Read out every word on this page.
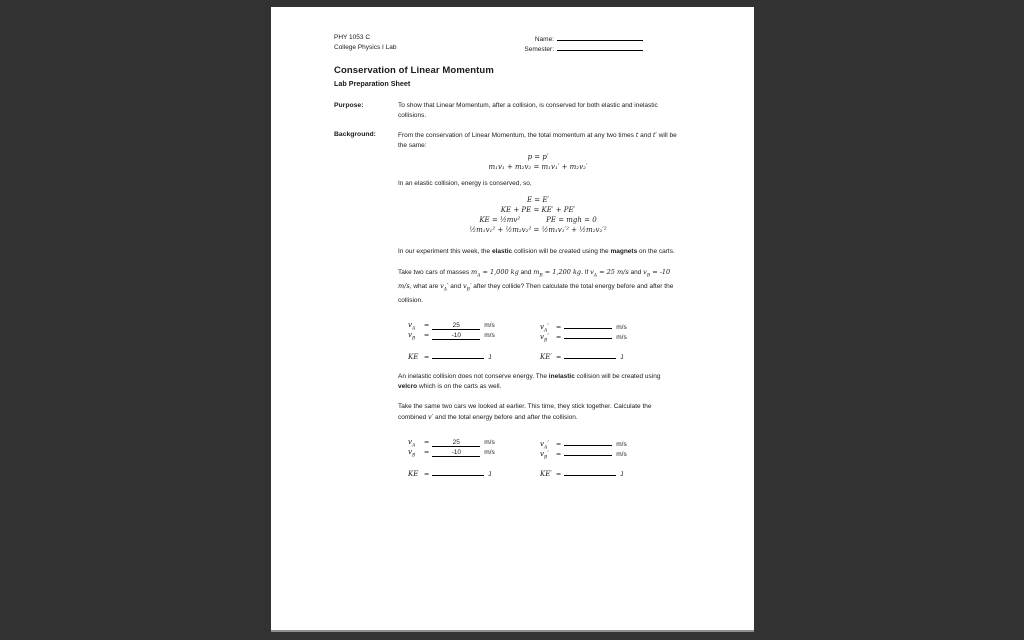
PHY 1053 C
College Physics I Lab
Name:
Semester:
Conservation of Linear Momentum
Lab Preparation Sheet
Purpose:	To show that Linear Momentum, after a collision, is conserved for both elastic and inelastic collisions.

Background:	From the conservation of Linear Momentum, the total momentum at any two times t and t′ will be the same:

p = p′
m₁v₁ + m₂v₂ = m₁v₁′ + m₂v₂′

In an elastic collision, energy is conserved, so,

E = E′
KE + PE = KE′ + PE′
KE = ½mv²	PE = mgh = 0
½m₁v₁² + ½m₂v₂² = ½m₁v₁′² + ½m₂v₂′²

In our experiment this week, the elastic collision will be created using the magnets on the carts.

Take two cars of masses $m_A = 1,000$ kg and $m_B = 1,200$ kg. If $v_A = 25$ m/s and $v_B = -10$ m/s, what are $v_A'$ and $v_B'$ after they collide? Then calculate the total energy before and after the collision.

$v_A$ =	25	m/s
$v_B$ =	-10	m/s
KE =	J
$v_A'$ =	m/s
$v_B'$ =	m/s
KE′ =	J

An inelastic collision does not conserve energy. The inelastic collision will be created using velcro which is on the carts as well.

Take the same two cars we looked at earlier. This time, they stick together. Calculate the combined v′ and the total energy before and after the collision.

$v_A$ =	25	m/s
$v_B$ =	-10	m/s
KE =	J
$v_A'$ =	m/s
$v_B'$ =	m/s
KE′ =	J
